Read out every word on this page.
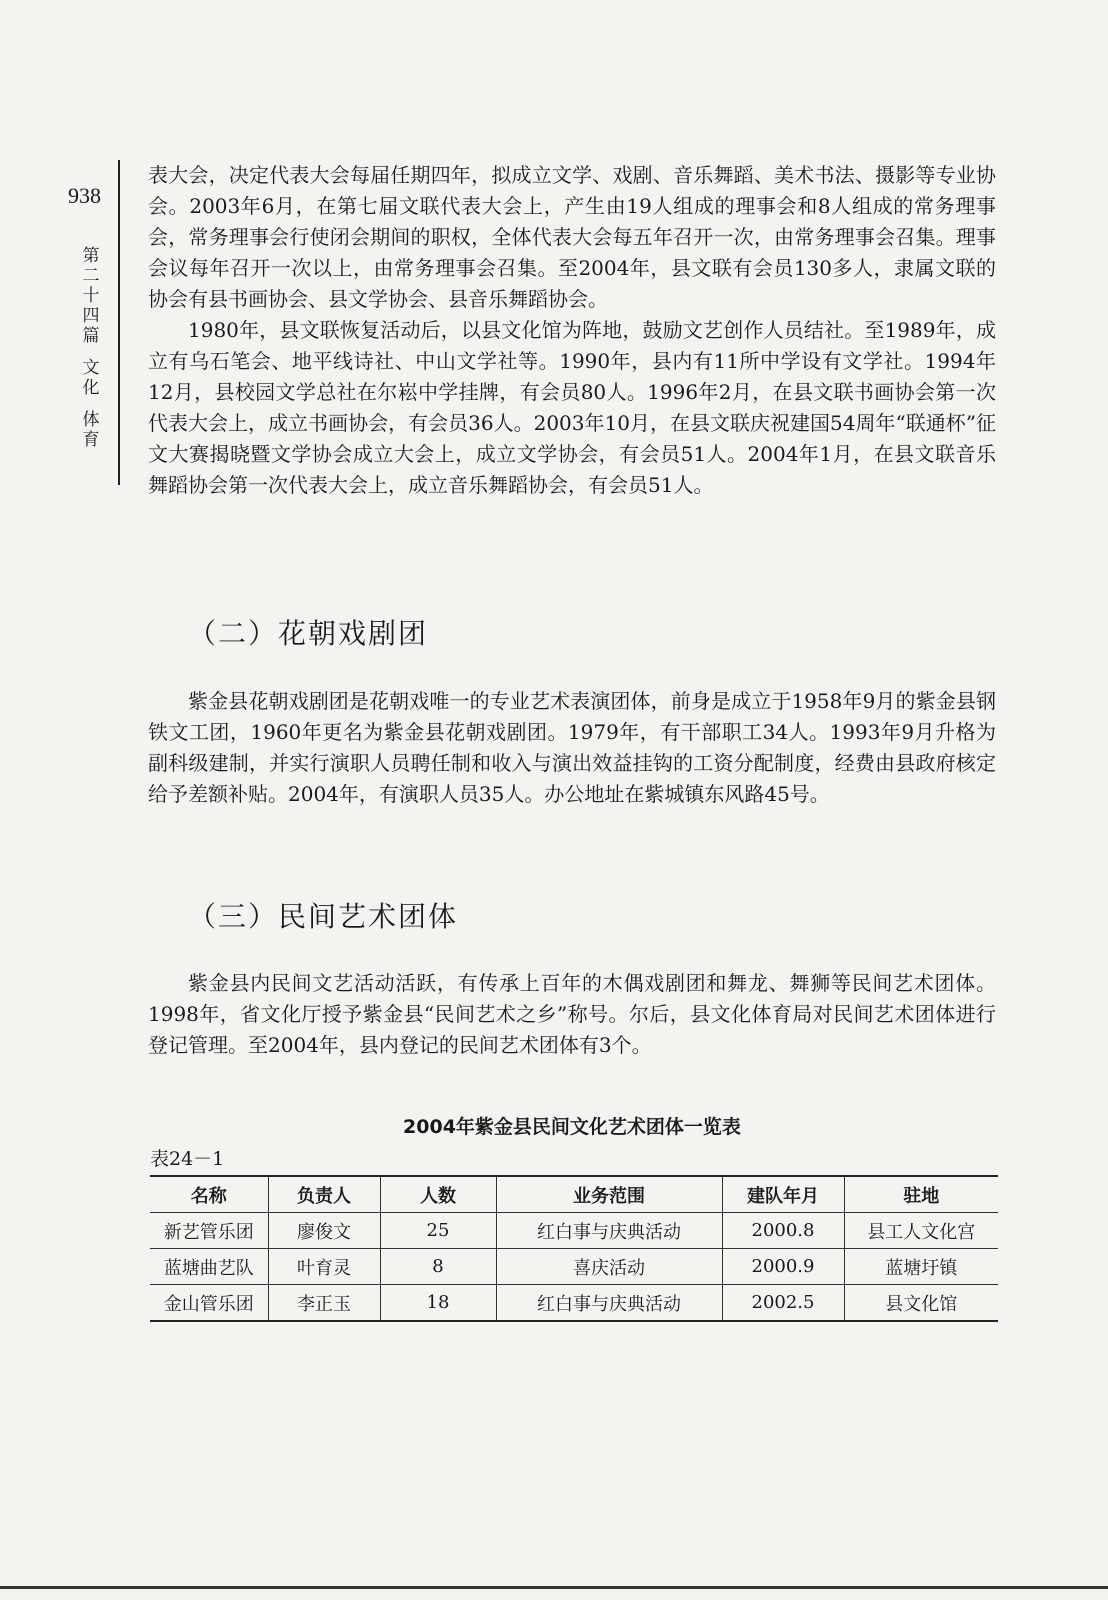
938
第
二
十
四
篇
文
化
体
育

表大会，决定代表大会每届任期四年，拟成立文学、戏剧、音乐舞蹈、美术书法、摄影等专业协会。2003年6月，在第七届文联代表大会上，产生由19人组成的理事会和8人组成的常务理事会，常务理事会行使闭会期间的职权，全体代表大会每五年召开一次，由常务理事会召集。理事会议每年召开一次以上，由常务理事会召集。至2004年，县文联有会员130多人，隶属文联的协会有县书画协会、县文学协会、县音乐舞蹈协会。

1980年，县文联恢复活动后，以县文化馆为阵地，鼓励文艺创作人员结社。至1989年，成立有乌石笔会、地平线诗社、中山文学社等。1990年，县内有11所中学设有文学社。1994年12月，县校园文学总社在尔崧中学挂牌，有会员80人。1996年2月，在县文联书画协会第一次代表大会上，成立书画协会，有会员36人。2003年10月，在县文联庆祝建国54周年“联通杯”征文大赛揭晓暨文学协会成立大会上，成立文学协会，有会员51人。2004年1月，在县文联音乐舞蹈协会第一次代表大会上，成立音乐舞蹈协会，有会员51人。

（二）花朝戏剧团

紫金县花朝戏剧团是花朝戏唯一的专业艺术表演团体，前身是成立于1958年9月的紫金县钢铁文工团，1960年更名为紫金县花朝戏剧团。1979年，有干部职工34人。1993年9月升格为副科级建制，并实行演职人员聘任制和收入与演出效益挂钩的工资分配制度，经费由县政府核定给予差额补贴。2004年，有演职人员35人。办公地址在紫城镇东风路45号。

（三）民间艺术团体

紫金县内民间文艺活动活跃，有传承上百年的木偶戏剧团和舞龙、舞狮等民间艺术团体。1998年，省文化厅授予紫金县“民间艺术之乡”称号。尔后，县文化体育局对民间艺术团体进行登记管理。至2004年，县内登记的民间艺术团体有3个。

2004年紫金县民间文化艺术团体一览表
表24－1
名称	负责人	人数	业务范围	建队年月	驻地
新艺管乐团	廖俊文	25	红白事与庆典活动	2000.8	县工人文化宫
蓝塘曲艺队	叶育灵	8	喜庆活动	2000.9	蓝塘圩镇
金山管乐团	李正玉	18	红白事与庆典活动	2002.5	县文化馆
